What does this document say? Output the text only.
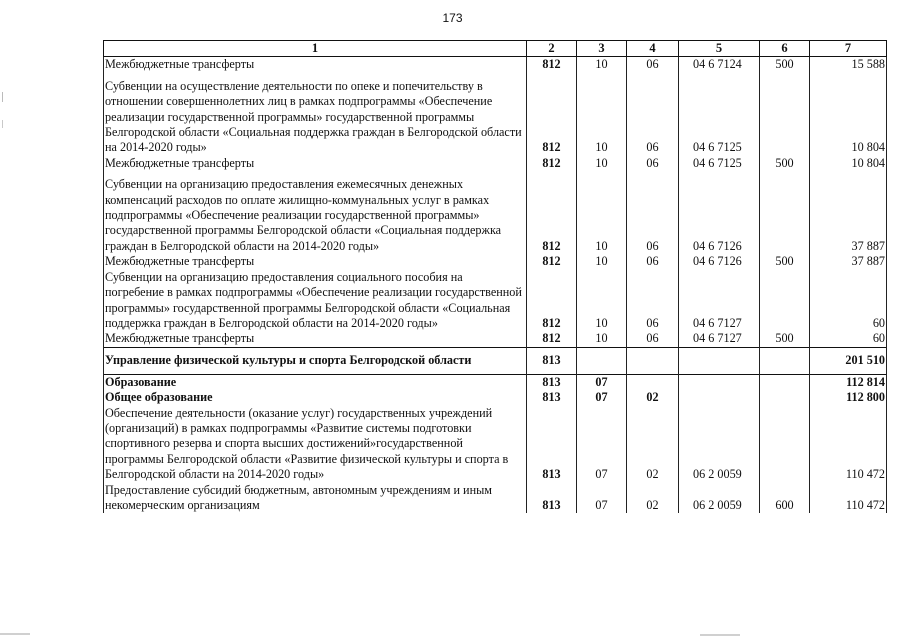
173
1	2	3	4	5	6	7
Межбюджетные трансферты	812	10	06	04 6 7124	500	15 588
Субвенции на осуществление деятельности по опеке и попечительству в отношении совершеннолетних лиц в рамках подпрограммы «Обеспечение реализации государственной программы» государственной программы Белгородской области «Социальная поддержка граждан в Белгородской области на 2014-2020 годы»	812	10	06	04 6 7125		10 804
Межбюджетные трансферты	812	10	06	04 6 7125	500	10 804
Субвенции на организацию предоставления ежемесячных денежных компенсаций расходов по оплате жилищно-коммунальных услуг в рамках подпрограммы «Обеспечение реализации государственной программы» государственной программы Белгородской области «Социальная поддержка граждан в Белгородской области на 2014-2020 годы»	812	10	06	04 6 7126		37 887
Межбюджетные трансферты	812	10	06	04 6 7126	500	37 887
Субвенции на организацию предоставления социального пособия на погребение в рамках подпрограммы «Обеспечение реализации государственной программы» государственной программы Белгородской области «Социальная поддержка граждан в Белгородской области на 2014-2020 годы»	812	10	06	04 6 7127		60
Межбюджетные трансферты	812	10	06	04 6 7127	500	60
Управление физической культуры и спорта Белгородской области	813					201 510
Образование	813	07				112 814
Общее образование	813	07	02			112 800
Обеспечение деятельности (оказание услуг) государственных учреждений (организаций) в рамках подпрограммы «Развитие системы подготовки спортивного резерва и спорта высших достижений»государственной программы Белгородской области «Развитие физической культуры и спорта в Белгородской области на 2014-2020 годы»	813	07	02	06 2 0059		110 472
Предоставление субсидий бюджетным, автономным учреждениям и иным некомерческим организациям	813	07	02	06 2 0059	600	110 472
